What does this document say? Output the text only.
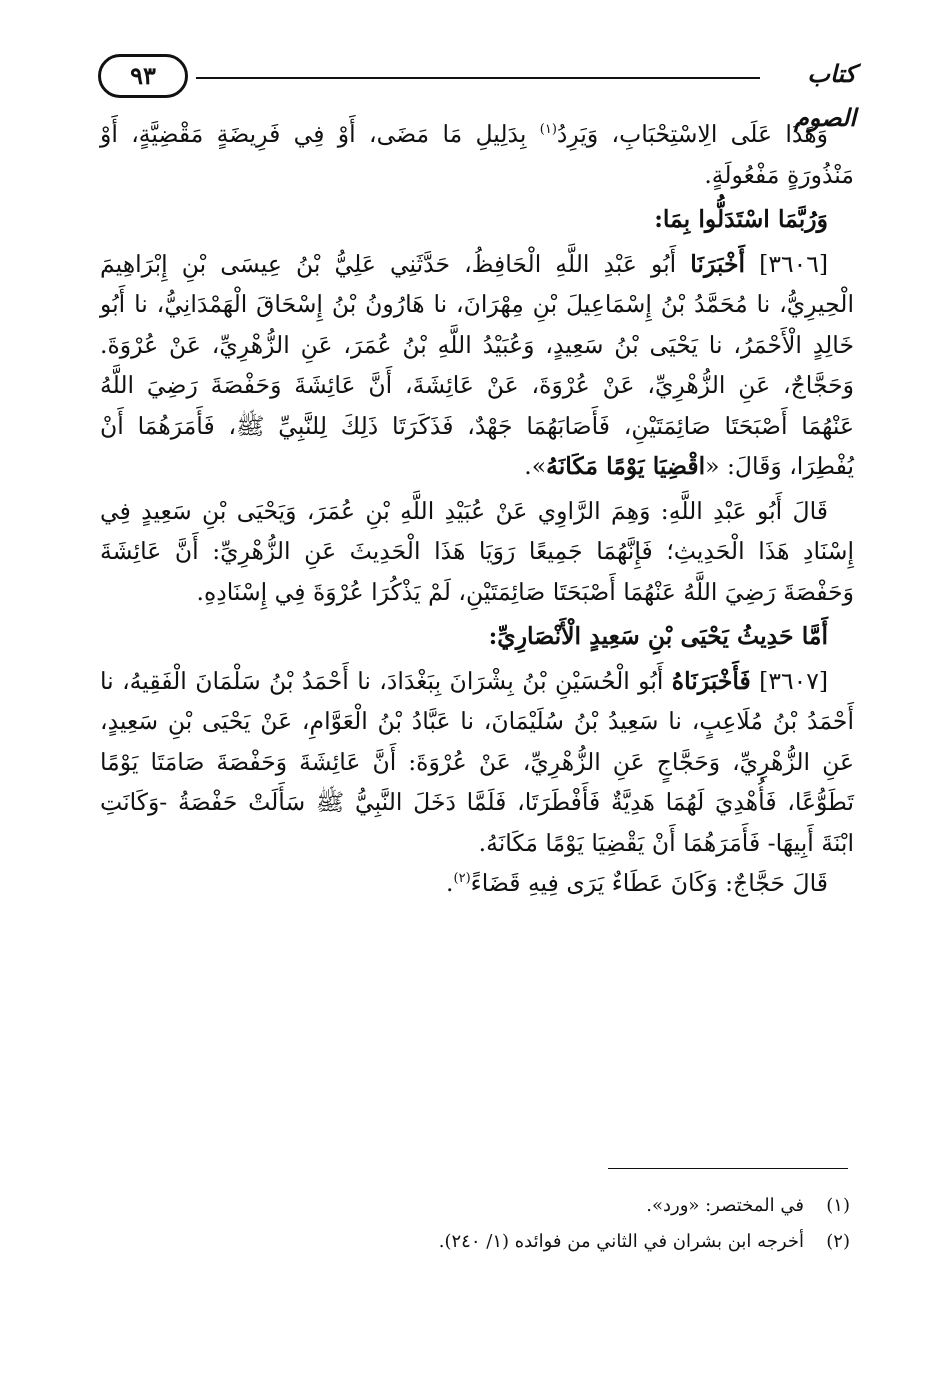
٩٣	كتاب الصوم

وَهَذَا عَلَى الِاسْتِحْبَابِ، وَيَرِدُ$^{(١)}$ بِدَلِيلِ مَا مَضَى، أَوْ فِي فَرِيضَةٍ مَقْضِيَّةٍ، أَوْ مَنْذُورَةٍ مَفْعُولَةٍ.

وَرُبَّمَا اسْتَدَلُّوا بِمَا:

[٣٦٠٦] أَخْبَرَنَا أَبُو عَبْدِ اللَّهِ الْحَافِظُ، حَدَّثَنِي عَلِيُّ بْنُ عِيسَى بْنِ إِبْرَاهِيمَ الْحِيرِيُّ، نا مُحَمَّدُ بْنُ إِسْمَاعِيلَ بْنِ مِهْرَانَ، نا هَارُونُ بْنُ إِسْحَاقَ الْهَمْدَانِيُّ، نا أَبُو خَالِدٍ الْأَحْمَرُ، نا يَحْيَى بْنُ سَعِيدٍ، وَعُبَيْدُ اللَّهِ بْنُ عُمَرَ، عَنِ الزُّهْرِيِّ، عَنْ عُرْوَةَ. وَحَجَّاجٌ، عَنِ الزُّهْرِيِّ، عَنْ عُرْوَةَ، عَنْ عَائِشَةَ، أَنَّ عَائِشَةَ وَحَفْصَةَ رَضِيَ اللَّهُ عَنْهُمَا أَصْبَحَتَا صَائِمَتَيْنِ، فَأَصَابَهُمَا جَهْدٌ، فَذَكَرَتَا ذَلِكَ لِلنَّبِيِّ ﷺ، فَأَمَرَهُمَا أَنْ يُفْطِرَا، وَقَالَ: «اقْضِيَا يَوْمًا مَكَانَهُ».

قَالَ أَبُو عَبْدِ اللَّهِ: وَهِمَ الرَّاوِي عَنْ عُبَيْدِ اللَّهِ بْنِ عُمَرَ، وَيَحْيَى بْنِ سَعِيدٍ فِي إِسْنَادِ هَذَا الْحَدِيثِ؛ فَإِنَّهُمَا جَمِيعًا رَوَيَا هَذَا الْحَدِيثَ عَنِ الزُّهْرِيِّ: أَنَّ عَائِشَةَ وَحَفْصَةَ رَضِيَ اللَّهُ عَنْهُمَا أَصْبَحَتَا صَائِمَتَيْنِ، لَمْ يَذْكُرَا عُرْوَةَ فِي إِسْنَادِهِ.

أَمَّا حَدِيثُ يَحْيَى بْنِ سَعِيدٍ الْأَنْصَارِيِّ:

[٣٦٠٧] فَأَخْبَرَنَاهُ أَبُو الْحُسَيْنِ بْنُ بِشْرَانَ بِبَغْدَادَ، نا أَحْمَدُ بْنُ سَلْمَانَ الْفَقِيهُ، نا أَحْمَدُ بْنُ مُلَاعِبٍ، نا سَعِيدُ بْنُ سُلَيْمَانَ، نا عَبَّادُ بْنُ الْعَوَّامِ، عَنْ يَحْيَى بْنِ سَعِيدٍ، عَنِ الزُّهْرِيِّ، وَحَجَّاجٍ عَنِ الزُّهْرِيِّ، عَنْ عُرْوَةَ: أَنَّ عَائِشَةَ وَحَفْصَةَ صَامَتَا يَوْمًا تَطَوُّعًا، فَأُهْدِيَ لَهُمَا هَدِيَّةٌ فَأَفْطَرَتَا، فَلَمَّا دَخَلَ النَّبِيُّ ﷺ سَأَلَتْ حَفْصَةُ -وَكَانَتِ ابْنَةَ أَبِيهَا- فَأَمَرَهُمَا أَنْ يَقْضِيَا يَوْمًا مَكَانَهُ.

قَالَ حَجَّاجٌ: وَكَانَ عَطَاءٌ يَرَى فِيهِ قَضَاءً$^{(٢)}$.

(١)في المختصر: «ورد».

(٢)أخرجه ابن بشران في الثاني من فوائده (١/ ٢٤٠).
